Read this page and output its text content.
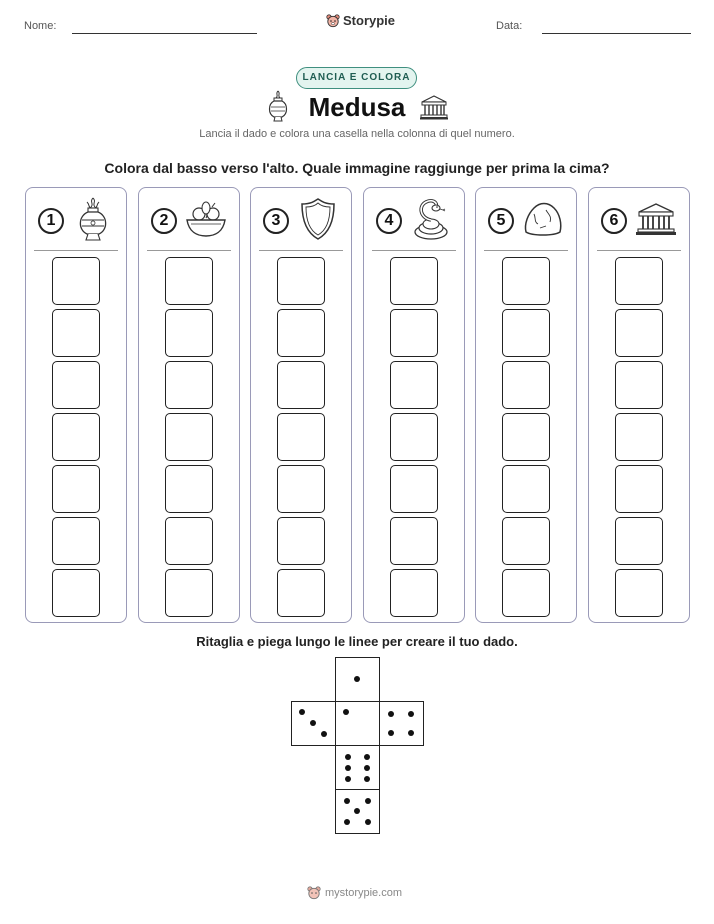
Nome:	Storypie	Data:
LANCIA E COLORA
Medusa
Lancia il dado e colora una casella nella colonna di quel numero.
Colora dal basso verso l'alto. Quale immagine raggiunge per prima la cima?
1	2	3	4	5	6
Ritaglia e piega lungo le linee per creare il tuo dado.
mystorypie.com
